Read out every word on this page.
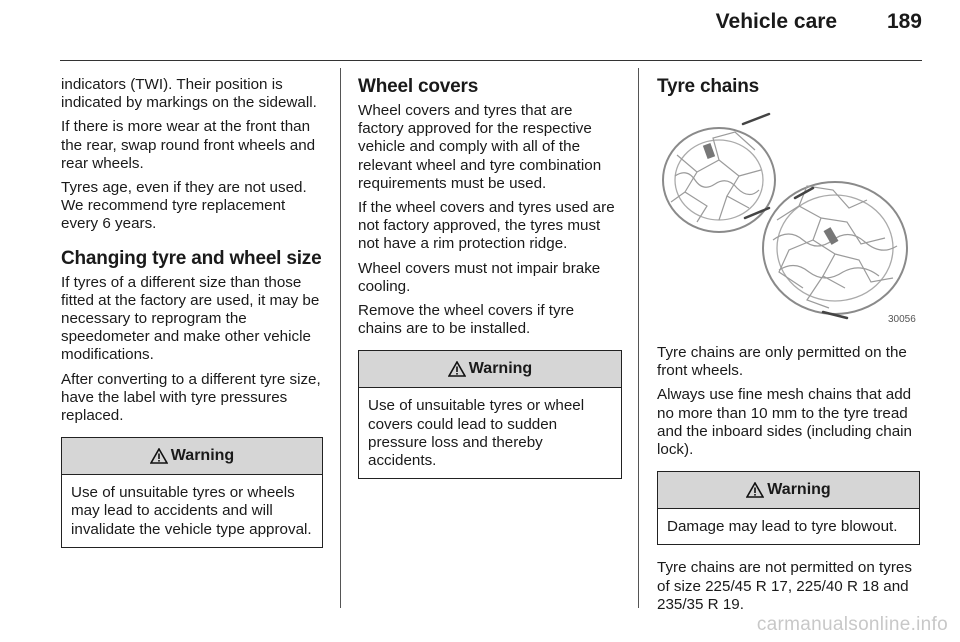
Vehicle care 189

indicators (TWI). Their position is indicated by markings on the sidewall.

If there is more wear at the front than the rear, swap round front wheels and rear wheels.

Tyres age, even if they are not used. We recommend tyre replacement every 6 years.

Changing tyre and wheel size

If tyres of a different size than those fitted at the factory are used, it may be necessary to reprogram the speedometer and make other vehicle modifications.

After converting to a different tyre size, have the label with tyre pressures replaced.

Warning
Use of unsuitable tyres or wheels may lead to accidents and will invalidate the vehicle type approval.
Wheel covers

Wheel covers and tyres that are factory approved for the respective vehicle and comply with all of the relevant wheel and tyre combination requirements must be used.

If the wheel covers and tyres used are not factory approved, the tyres must not have a rim protection ridge.

Wheel covers must not impair brake cooling.

Remove the wheel covers if tyre chains are to be installed.

Warning
Use of unsuitable tyres or wheel covers could lead to sudden pressure loss and thereby accidents.
Tyre chains
30056

Tyre chains are only permitted on the front wheels.

Always use fine mesh chains that add no more than 10 mm to the tyre tread and the inboard sides (including chain lock).

Warning
Damage may lead to tyre blowout.

Tyre chains are not permitted on tyres of size 225/45 R 17, 225/40 R 18 and 235/35 R 19.

carmanualsonline.info
